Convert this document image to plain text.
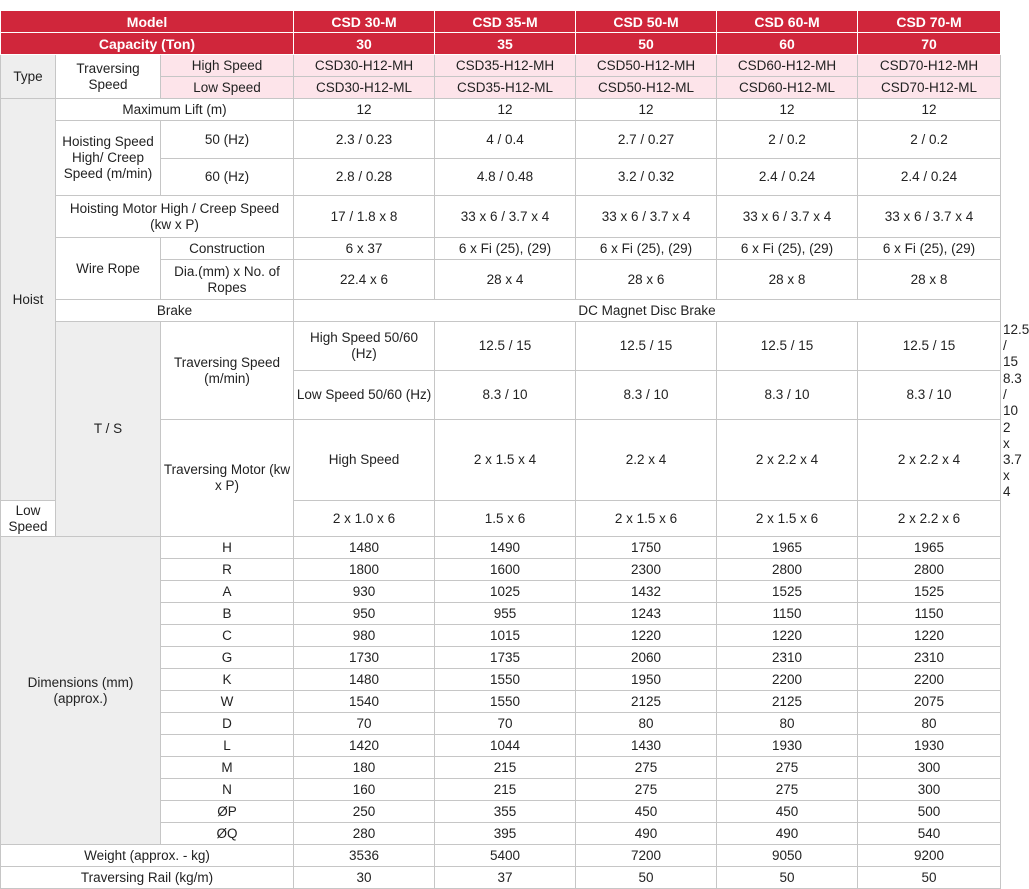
Model			CSD 30-M	CSD 35-M	CSD 50-M	CSD 60-M	CSD 70-M	
Capacity (Ton)			30	35	50	60	70	
Type	Traversing Speed	High Speed	CSD30-H12-MH	CSD35-H12-MH	CSD50-H12-MH	CSD60-H12-MH	CSD70-H12-MH	
		Low Speed	CSD30-H12-ML	CSD35-H12-ML	CSD50-H12-ML	CSD60-H12-ML	CSD70-H12-ML	
Hoist	Maximum Lift (m)		12	12	12	12	12	
	Hoisting Speed High/ Creep Speed (m/min)	50 (Hz)	2.3 / 0.23	4 / 0.4	2.7 / 0.27	2 / 0.2	2 / 0.2	
		60 (Hz)	2.8 / 0.28	4.8 / 0.48	3.2 / 0.32	2.4 / 0.24	2.4 / 0.24	
	Hoisting Motor High / Creep Speed (kw x P)		17 / 1.8 x 8	33 x 6 / 3.7 x 4	33 x 6 / 3.7 x 4	33 x 6 / 3.7 x 4	33 x 6 / 3.7 x 4	
	Wire Rope	Construction	6 x 37	6 x Fi (25), (29)	6 x Fi (25), (29)	6 x Fi (25), (29)	6 x Fi (25), (29)	
		Dia.(mm) x No. of Ropes	22.4 x 6	28 x 4	28 x 6	28 x 8	28 x 8	
	Brake		DC Magnet Disc Brake					
	T / S	Traversing Speed (m/min)	High Speed 50/60 (Hz)	12.5 / 15	12.5 / 15	12.5 / 15	12.5 / 15	12.5 / 15
			Low Speed 50/60 (Hz)	8.3 / 10	8.3 / 10	8.3 / 10	8.3 / 10	8.3 / 10
		Traversing Motor (kw x P)	High Speed	2 x 1.5 x 4	2.2 x 4	2 x 2.2 x 4	2 x 2.2 x 4	2 x 3.7 x 4
Low Speed			2 x 1.0 x 6	1.5 x 6	2 x 1.5 x 6	2 x 1.5 x 6	2 x 2.2 x 6	
Dimensions (mm) (approx.)		H	1480	1490	1750	1965	1965	
		R	1800	1600	2300	2800	2800	
		A	930	1025	1432	1525	1525	
		B	950	955	1243	1150	1150	
		C	980	1015	1220	1220	1220	
		G	1730	1735	2060	2310	2310	
		K	1480	1550	1950	2200	2200	
		W	1540	1550	2125	2125	2075	
		D	70	70	80	80	80	
		L	1420	1044	1430	1930	1930	
		M	180	215	275	275	300	
		N	160	215	275	275	300	
		ØP	250	355	450	450	500	
		ØQ	280	395	490	490	540	
Weight (approx. - kg)			3536	5400	7200	9050	9200	
Traversing Rail (kg/m)			30	37	50	50	50	
